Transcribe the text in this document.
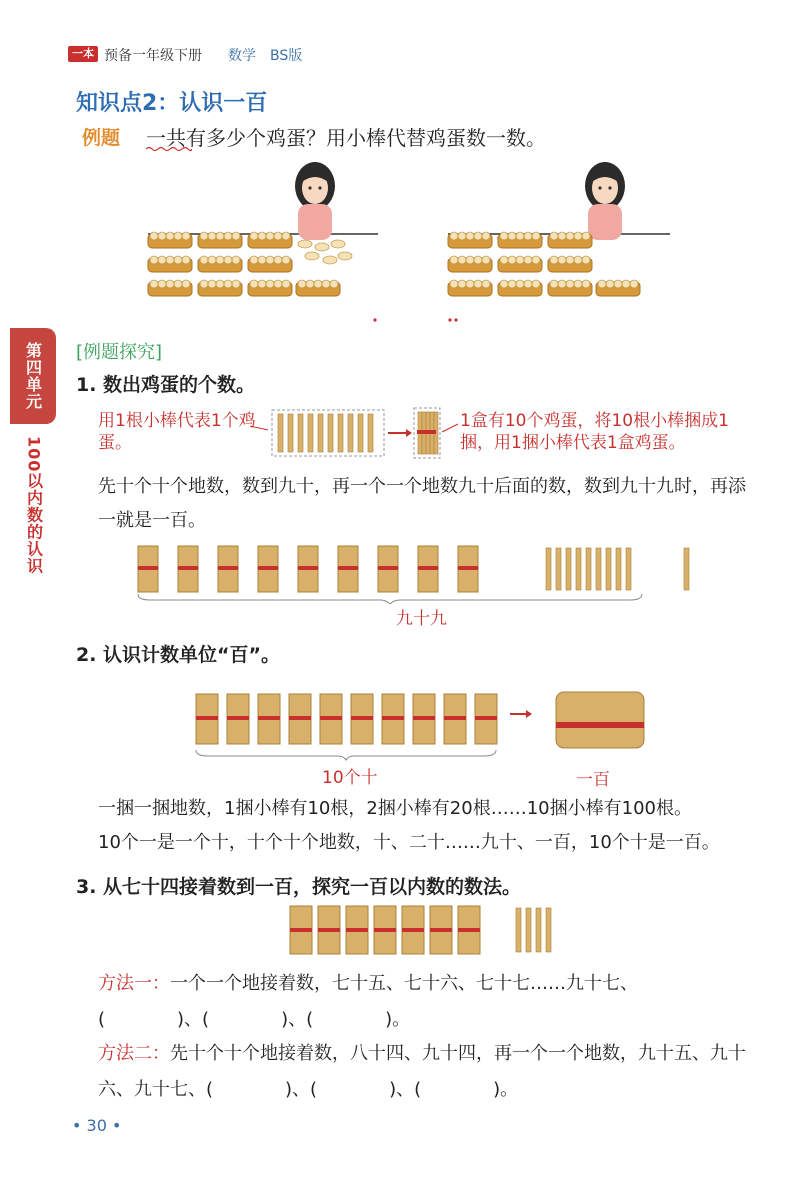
一本 预备一年级下册 数学 BS版
第四单元
100以内数的认识
知识点2：认识一百
例题 一共有多少个鸡蛋？用小棒代替鸡蛋数一数。
[例题探究]
1. 数出鸡蛋的个数。
用1根小棒代表1个鸡蛋。
1盒有10个鸡蛋，将10根小棒捆成1捆，用1捆小棒代表1盒鸡蛋。
先十个十个地数，数到九十，再一个一个地数九十后面的数，数到九十九时，再添一就是一百。
九十九
2. 认识计数单位“百”。
10个十	一百
一捆一捆地数，1捆小棒有10根，2捆小棒有20根……10捆小棒有100根。
10个一是一个十，十个十个地数，十、二十……九十、一百，10个十是一百。
3. 从七十四接着数到一百，探究一百以内数的数法。
方法一：一个一个地接着数，七十五、七十六、七十七……九十七、
(　　　　)、(　　　　)、(　　　　)。
方法二：先十个十个地接着数，八十四、九十四，再一个一个地数，九十五、九十六、九十七、(　　　　)、(　　　　)、(　　　　)。
• 30 •
